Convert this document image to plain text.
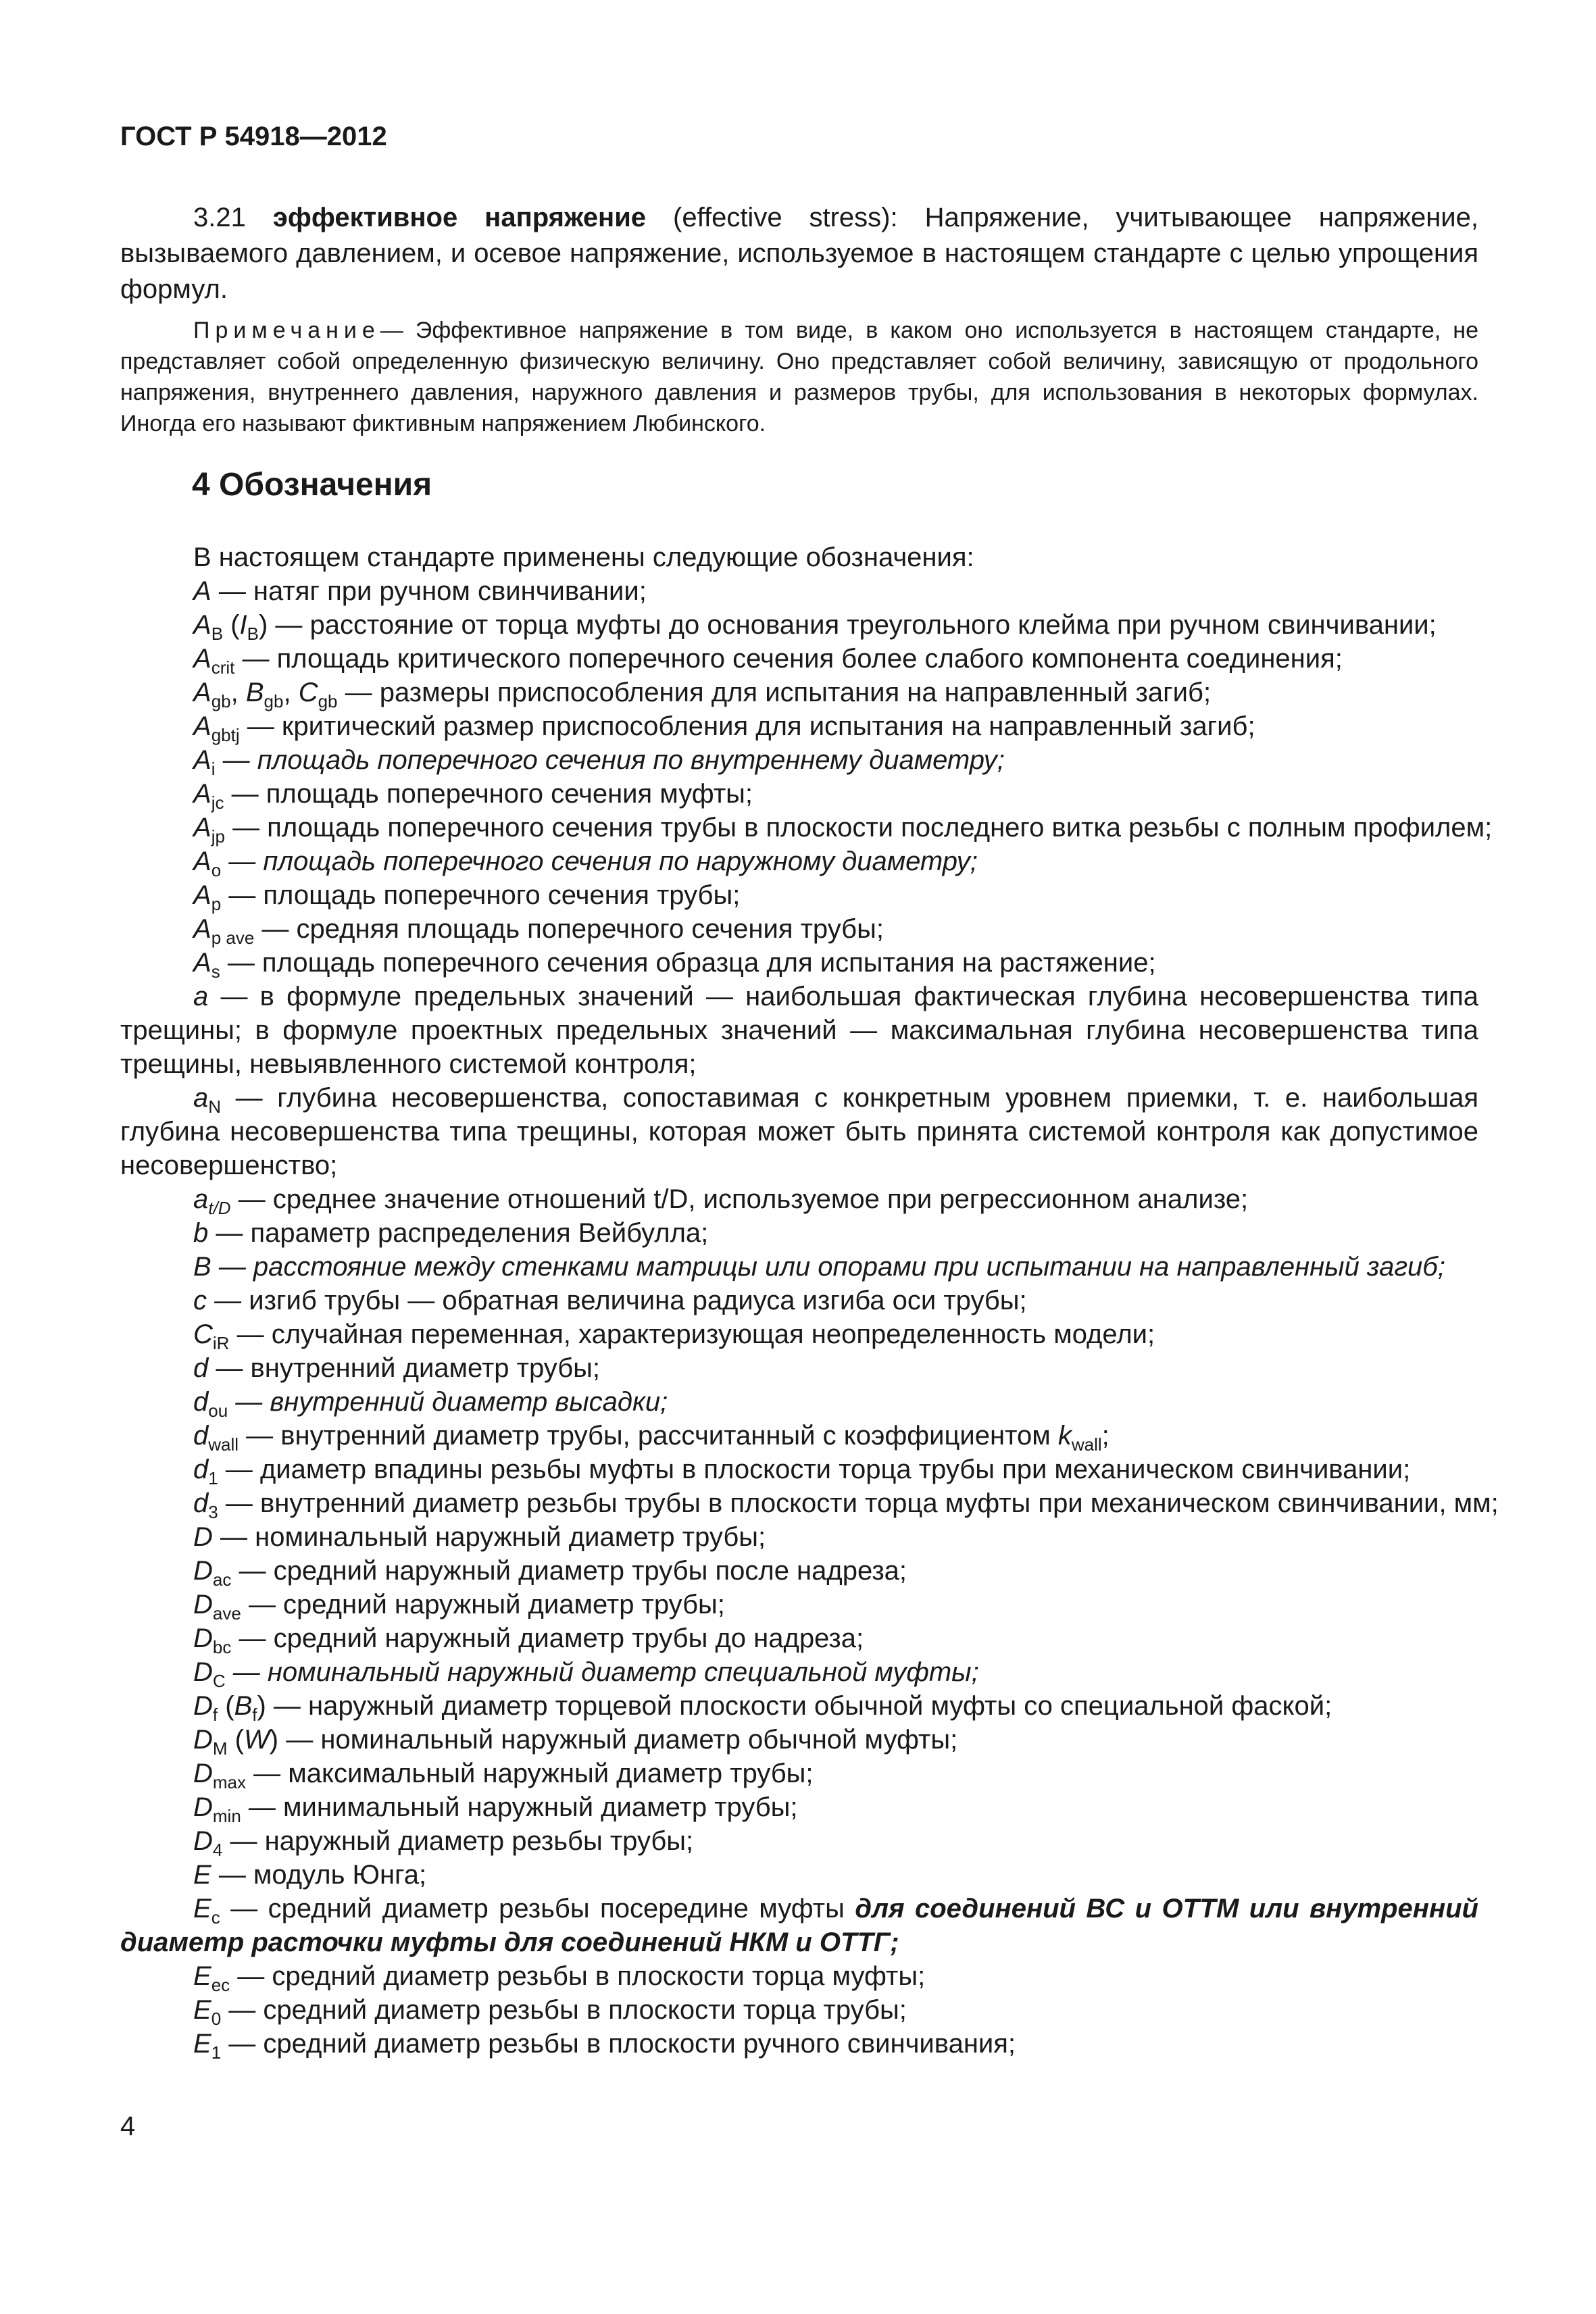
ГОСТ Р 54918—2012
3.21 эффективное напряжение (effective stress): Напряжение, учитывающее напряжение, вызываемого давлением, и осевое напряжение, используемое в настоящем стандарте с целью упрощения формул.
Примечание— Эффективное напряжение в том виде, в каком оно используется в настоящем стандарте, не представляет собой определенную физическую величину. Оно представляет собой величину, зависящую от продольного напряжения, внутреннего давления, наружного давления и размеров трубы, для использования в некоторых формулах. Иногда его называют фиктивным напряжением Любинского.
4 Обозначения
В настоящем стандарте применены следующие обозначения:
A — натяг при ручном свинчивании;
$A_B$ $(I_B)$ — расстояние от торца муфты до основания треугольного клейма при ручном свинчивании;
$A_{crit}$ — площадь критического поперечного сечения более слабого компонента соединения;
$A_{gb}$, $B_{gb}$, $C_{gb}$ — размеры приспособления для испытания на направленный загиб;
$A_{gbtj}$ — критический размер приспособления для испытания на направленный загиб;
$A_i$ — площадь поперечного сечения по внутреннему диаметру;
$A_{jc}$ — площадь поперечного сечения муфты;
$A_{jp}$ — площадь поперечного сечения трубы в плоскости последнего витка резьбы с полным профилем;
$A_o$ — площадь поперечного сечения по наружному диаметру;
$A_p$ — площадь поперечного сечения трубы;
$A_{p ave}$ — средняя площадь поперечного сечения трубы;
$A_s$ — площадь поперечного сечения образца для испытания на растяжение;
a — в формуле предельных значений — наибольшая фактическая глубина несовершенства типа трещины; в формуле проектных предельных значений — максимальная глубина несовершенства типа трещины, невыявленного системой контроля;
$a_N$ — глубина несовершенства, сопоставимая с конкретным уровнем приемки, т. е. наибольшая глубина несовершенства типа трещины, которая может быть принята системой контроля как допустимое несовершенство;
$a_{t/D}$ — среднее значение отношений t/D, используемое при регрессионном анализе;
b — параметр распределения Вейбулла;
B — расстояние между стенками матрицы или опорами при испытании на направленный загиб;
c — изгиб трубы — обратная величина радиуса изгиба оси трубы;
$C_{iR}$ — случайная переменная, характеризующая неопределенность модели;
d — внутренний диаметр трубы;
$d_{ou}$ — внутренний диаметр высадки;
$d_{wall}$ — внутренний диаметр трубы, рассчитанный с коэффициентом $k_{wall}$;
$d_1$ — диаметр впадины резьбы муфты в плоскости торца трубы при механическом свинчивании;
$d_3$ — внутренний диаметр резьбы трубы в плоскости торца муфты при механическом свинчивании, мм;
D — номинальный наружный диаметр трубы;
$D_{ac}$ — средний наружный диаметр трубы после надреза;
$D_{ave}$ — средний наружный диаметр трубы;
$D_{bc}$ — средний наружный диаметр трубы до надреза;
$D_C$ — номинальный наружный диаметр специальной муфты;
$D_f$ $(B_f)$ — наружный диаметр торцевой плоскости обычной муфты со специальной фаской;
$D_M$ (W) — номинальный наружный диаметр обычной муфты;
$D_{max}$ — максимальный наружный диаметр трубы;
$D_{min}$ — минимальный наружный диаметр трубы;
$D_4$ — наружный диаметр резьбы трубы;
E — модуль Юнга;
$E_c$ — средний диаметр резьбы посередине муфты для соединений ВС и ОТТМ или внутренний диаметр расточки муфты для соединений НКМ и ОТТГ;
$E_{ec}$ — средний диаметр резьбы в плоскости торца муфты;
$E_0$ — средний диаметр резьбы в плоскости торца трубы;
$E_1$ — средний диаметр резьбы в плоскости ручного свинчивания;
4
